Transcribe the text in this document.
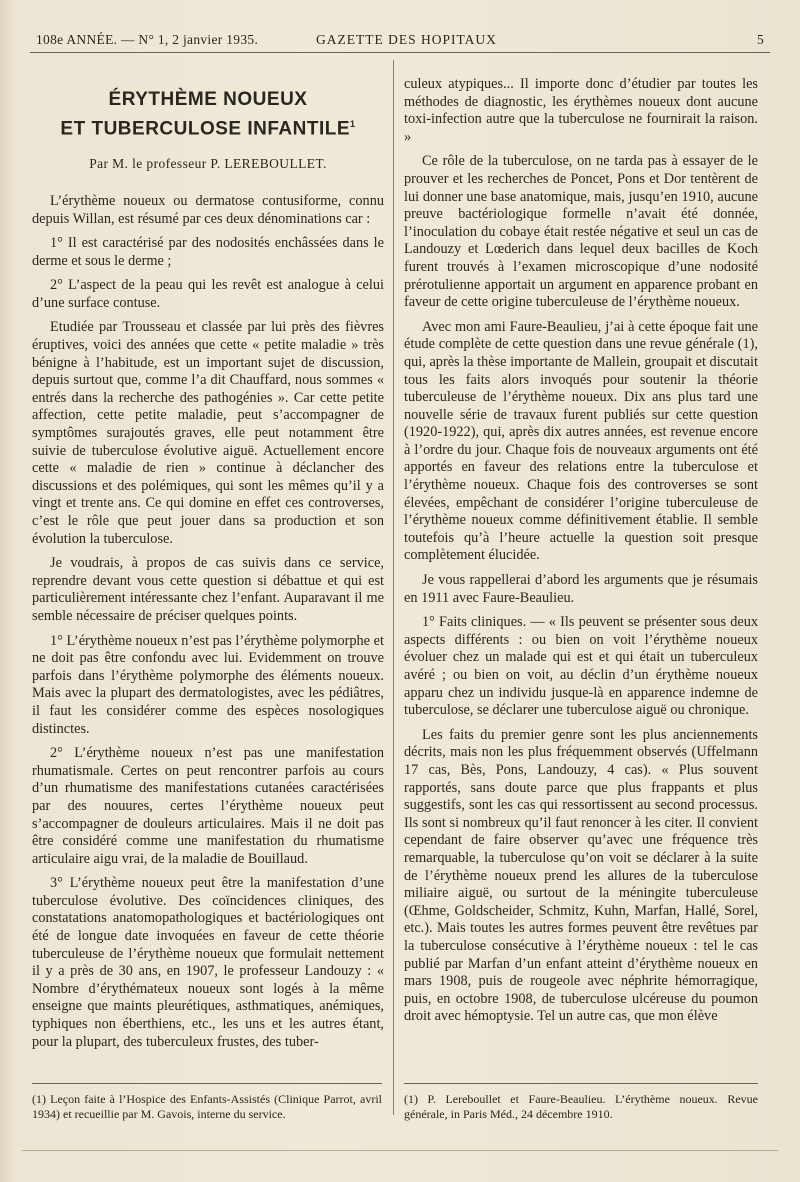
108e ANNÉE. — N° 1, 2 janvier 1935.	GAZETTE DES HOPITAUX	5
ÉRYTHÈME NOUEUX
ET TUBERCULOSE INFANTILE$^1$
Par M. le professeur P. LEREBOULLET.

L’érythème noueux ou dermatose contusiforme, connu depuis Willan, est résumé par ces deux dénominations car :

1° Il est caractérisé par des nodosités enchâssées dans le derme et sous le derme ;

2° L’aspect de la peau qui les revêt est analogue à celui d’une surface contuse.

Etudiée par Trousseau et classée par lui près des fièvres éruptives, voici des années que cette « petite maladie » très bénigne à l’habitude, est un important sujet de discussion, depuis surtout que, comme l’a dit Chauffard, nous sommes « entrés dans la recherche des pathogénies ». Car cette petite affection, cette petite maladie, peut s’accompagner de symptômes surajoutés graves, elle peut notamment être suivie de tuberculose évolutive aiguë. Actuellement encore cette « maladie de rien » continue à déclancher des discussions et des polémiques, qui sont les mêmes qu’il y a vingt et trente ans. Ce qui domine en effet ces controverses, c’est le rôle que peut jouer dans sa production et son évolution la tuberculose.

Je voudrais, à propos de cas suivis dans ce service, reprendre devant vous cette question si débattue et qui est particulièrement intéressante chez l’enfant. Auparavant il me semble nécessaire de préciser quelques points.

1° L’érythème noueux n’est pas l’érythème polymorphe et ne doit pas être confondu avec lui. Evidemment on trouve parfois dans l’érythème polymorphe des éléments noueux. Mais avec la plupart des dermatologistes, avec les pédiâtres, il faut les considérer comme des espèces nosologiques distinctes.

2° L’érythème noueux n’est pas une manifestation rhumatismale. Certes on peut rencontrer parfois au cours d’un rhumatisme des manifestations cutanées caractérisées par des nouures, certes l’érythème noueux peut s’accompagner de douleurs articulaires. Mais il ne doit pas être considéré comme une manifestation du rhumatisme articulaire aigu vrai, de la maladie de Bouillaud.

3° L’érythème noueux peut être la manifestation d’une tuberculose évolutive. Des coïncidences cliniques, des constatations anatomopathologiques et bactériologiques ont été de longue date invoquées en faveur de cette théorie tuberculeuse de l’érythème noueux que formulait nettement il y a près de 30 ans, en 1907, le professeur Landouzy : « Nombre d’érythémateux noueux sont logés à la même enseigne que maints pleurétiques, asthmatiques, anémiques, typhiques non éberthiens, etc., les uns et les autres étant, pour la plupart, des tuberculeux frustes, des tuber-

culeux atypiques... Il importe donc d’étudier par toutes les méthodes de diagnostic, les érythèmes noueux dont aucune toxi-infection autre que la tuberculose ne fournirait la raison. »

Ce rôle de la tuberculose, on ne tarda pas à essayer de le prouver et les recherches de Poncet, Pons et Dor tentèrent de lui donner une base anatomique, mais, jusqu’en 1910, aucune preuve bactériologique formelle n’avait été donnée, l’inoculation du cobaye était restée négative et seul un cas de Landouzy et Lœderich dans lequel deux bacilles de Koch furent trouvés à l’examen microscopique d’une nodosité prérotulienne apportait un argument en apparence probant en faveur de cette origine tuberculeuse de l’érythème noueux.

Avec mon ami Faure-Beaulieu, j’ai à cette époque fait une étude complète de cette question dans une revue générale (1), qui, après la thèse importante de Mallein, groupait et discutait tous les faits alors invoqués pour soutenir la théorie tuberculeuse de l’érythème noueux. Dix ans plus tard une nouvelle série de travaux furent publiés sur cette question (1920-1922), qui, après dix autres années, est revenue encore à l’ordre du jour. Chaque fois de nouveaux arguments ont été apportés en faveur des relations entre la tuberculose et l’érythème noueux. Chaque fois des controverses se sont élevées, empêchant de considérer l’origine tuberculeuse de l’érythème noueux comme définitivement établie. Il semble toutefois qu’à l’heure actuelle la question soit presque complètement élucidée.

Je vous rappellerai d’abord les arguments que je résumais en 1911 avec Faure-Beaulieu.

1° Faits cliniques. — « Ils peuvent se présenter sous deux aspects différents : ou bien on voit l’érythème noueux évoluer chez un malade qui est et qui était un tuberculeux avéré ; ou bien on voit, au déclin d’un érythème noueux apparu chez un individu jusque-là en apparence indemne de tuberculose, se déclarer une tuberculose aiguë ou chronique.

Les faits du premier genre sont les plus anciennements décrits, mais non les plus fréquemment observés (Uffelmann 17 cas, Bès, Pons, Landouzy, 4 cas). « Plus souvent rapportés, sans doute parce que plus frappants et plus suggestifs, sont les cas qui ressortissent au second processus. Ils sont si nombreux qu’il faut renoncer à les citer. Il convient cependant de faire observer qu’avec une fréquence très remarquable, la tuberculose qu’on voit se déclarer à la suite de l’érythème noueux prend les allures de la tuberculose miliaire aiguë, ou surtout de la méningite tuberculeuse (Œhme, Goldscheider, Schmitz, Kuhn, Marfan, Hallé, Sorel, etc.). Mais toutes les autres formes peuvent être revêtues par la tuberculose consécutive à l’érythème noueux : tel le cas publié par Marfan d’un enfant atteint d’érythème noueux en mars 1908, puis de rougeole avec néphrite hémorragique, puis, en octobre 1908, de tuberculose ulcéreuse du poumon droit avec hémoptysie. Tel un autre cas, que mon élève

(1) Leçon faite à l’Hospice des Enfants-Assistés (Clinique Parrot, avril 1934) et recueillie par M. Gavois, interne du service.
(1) P. Lereboullet et Faure-Beaulieu. L’érythème noueux. Revue générale, in Paris Méd., 24 décembre 1910.
